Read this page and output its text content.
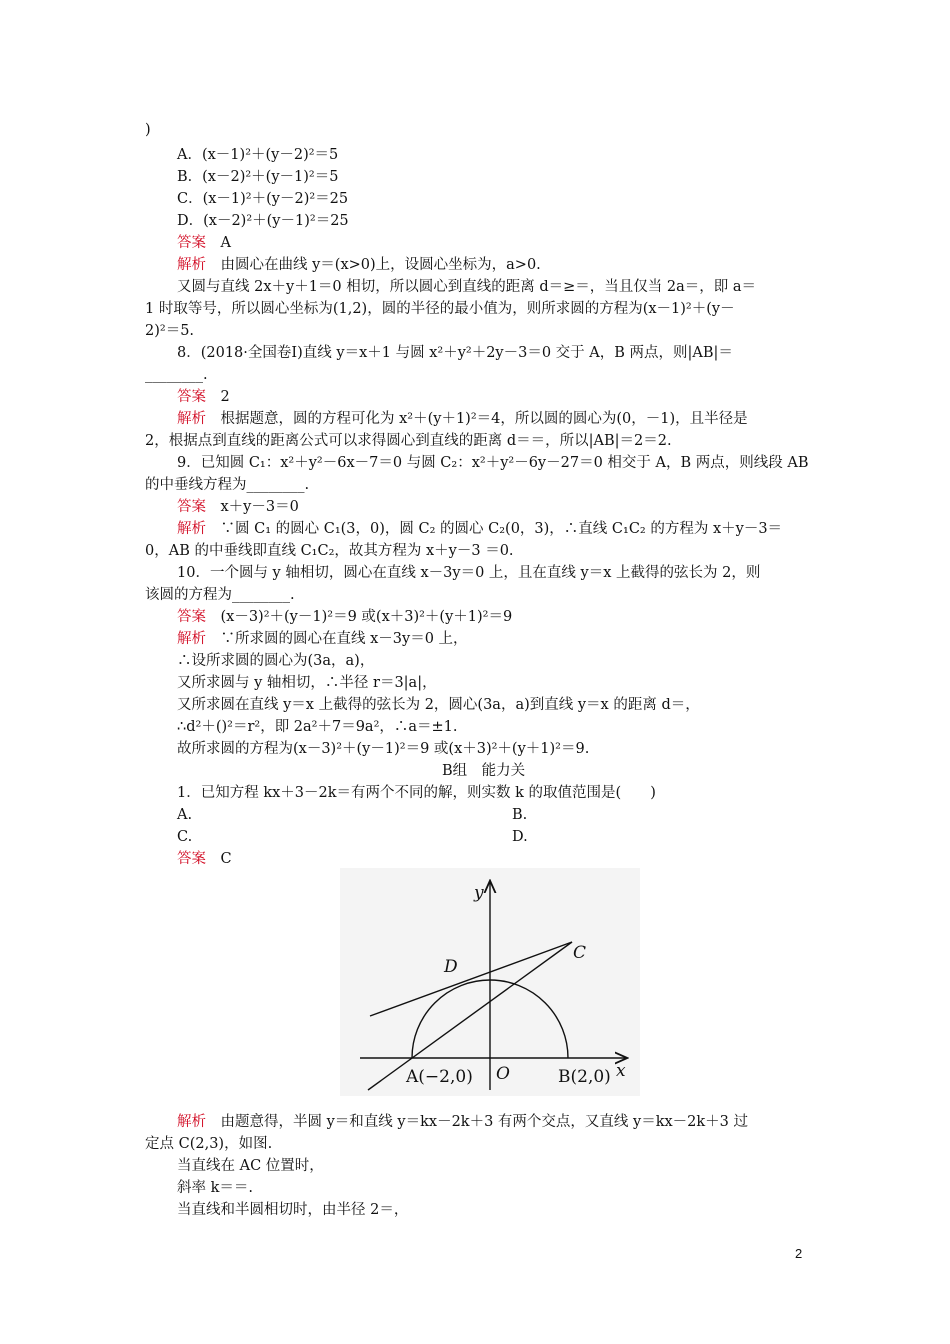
)
A．(x－1)²＋(y－2)²＝5
B．(x－2)²＋(y－1)²＝5
C．(x－1)²＋(y－2)²＝25
D．(x－2)²＋(y－1)²＝25
答案　 A
解析　 由圆心在曲线 y＝(x>0)上，设圆心坐标为，a>0.
又圆与直线 2x＋y＋1＝0 相切，所以圆心到直线的距离 d＝≥＝，当且仅当 2a＝，即 a＝
1 时取等号，所以圆心坐标为(1,2)，圆的半径的最小值为，则所求圆的方程为(x－1)²＋(y－
2)²＝5.
8．(2018·全国卷Ⅰ)直线 y＝x＋1 与圆 x²＋y²＋2y－3＝0 交于 A，B 两点，则|AB|＝
________.
答案　 2
解析　 根据题意，圆的方程可化为 x²＋(y＋1)²＝4，所以圆的圆心为(0，－1)，且半径是
2，根据点到直线的距离公式可以求得圆心到直线的距离 d＝＝，所以|AB|＝2＝2.
9．已知圆 C₁：x²＋y²－6x－7＝0 与圆 C₂：x²＋y²－6y－27＝0 相交于 A，B 两点，则线段 AB
的中垂线方程为________.
答案　 x＋y－3＝0
解析　 ∵圆 C₁ 的圆心 C₁(3，0)，圆 C₂ 的圆心 C₂(0，3)，∴直线 C₁C₂ 的方程为 x＋y－3＝
0，AB 的中垂线即直线 C₁C₂，故其方程为 x＋y－3 ＝0.
10．一个圆与 y 轴相切，圆心在直线 x－3y＝0 上，且在直线 y＝x 上截得的弦长为 2，则
该圆的方程为________.
答案　 (x－3)²＋(y－1)²＝9 或(x＋3)²＋(y＋1)²＝9
解析　 ∵所求圆的圆心在直线 x－3y＝0 上，
∴设所求圆的圆心为(3a，a)，
又所求圆与 y 轴相切，∴半径 r＝3|a|，
又所求圆在直线 y＝x 上截得的弦长为 2，圆心(3a，a)到直线 y＝x 的距离 d＝，
∴d²＋()²＝r²，即 2a²＋7＝9a²，∴a＝±1.
故所求圆的方程为(x－3)²＋(y－1)²＝9 或(x＋3)²＋(y＋1)²＝9.
B组　能力关
1．已知方程 kx＋3－2k＝有两个不同的解，则实数 k 的取值范围是(　　)
A.	B.
C.	D.
答案　 C
y
x
O
A(−2,0)	B(2,0)
C
D
解析　 由题意得，半圆 y＝和直线 y＝kx－2k＋3 有两个交点，又直线 y＝kx－2k＋3 过
定点 C(2,3)，如图.
当直线在 AC 位置时，
斜率 k＝＝.
当直线和半圆相切时，由半径 2＝，
2
